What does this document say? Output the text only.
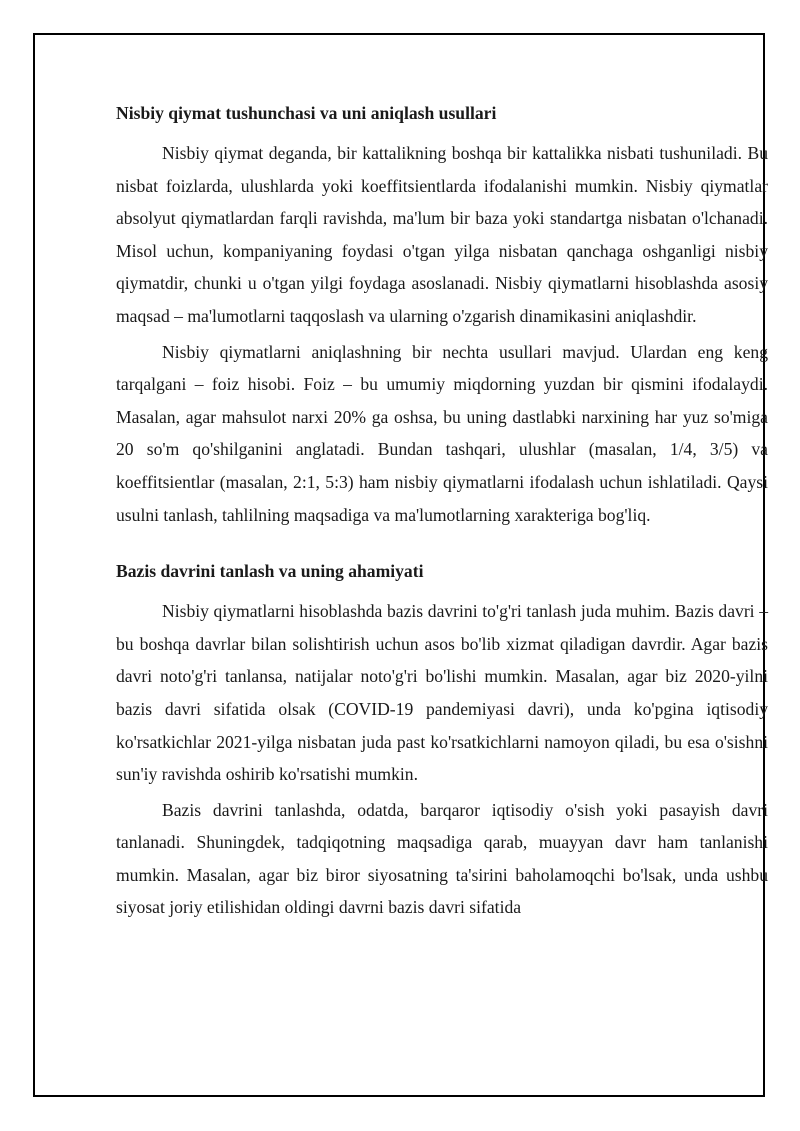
Nisbiy qiymat tushunchasi va uni aniqlash usullari

Nisbiy qiymat deganda, bir kattalikning boshqa bir kattalikka nisbati tushuniladi. Bu nisbat foizlarda, ulushlarda yoki koeffitsientlarda ifodalanishi mumkin. Nisbiy qiymatlar absolyut qiymatlardan farqli ravishda, ma'lum bir baza yoki standartga nisbatan o'lchanadi. Misol uchun, kompaniyaning foydasi o'tgan yilga nisbatan qanchaga oshganligi nisbiy qiymatdir, chunki u o'tgan yilgi foydaga asoslanadi. Nisbiy qiymatlarni hisoblashda asosiy maqsad – ma'lumotlarni taqqoslash va ularning o'zgarish dinamikasini aniqlashdir.

Nisbiy qiymatlarni aniqlashning bir nechta usullari mavjud. Ulardan eng keng tarqalgani – foiz hisobi. Foiz – bu umumiy miqdorning yuzdan bir qismini ifodalaydi. Masalan, agar mahsulot narxi 20% ga oshsa, bu uning dastlabki narxining har yuz so'miga 20 so'm qo'shilganini anglatadi. Bundan tashqari, ulushlar (masalan, 1/4, 3/5) va koeffitsientlar (masalan, 2:1, 5:3) ham nisbiy qiymatlarni ifodalash uchun ishlatiladi. Qaysi usulni tanlash, tahlilning maqsadiga va ma'lumotlarning xarakteriga bog'liq.

Bazis davrini tanlash va uning ahamiyati

Nisbiy qiymatlarni hisoblashda bazis davrini to'g'ri tanlash juda muhim. Bazis davri – bu boshqa davrlar bilan solishtirish uchun asos bo'lib xizmat qiladigan davrdir. Agar bazis davri noto'g'ri tanlansa, natijalar noto'g'ri bo'lishi mumkin. Masalan, agar biz 2020-yilni bazis davri sifatida olsak (COVID-19 pandemiyasi davri), unda ko'pgina iqtisodiy ko'rsatkichlar 2021-yilga nisbatan juda past ko'rsatkichlarni namoyon qiladi, bu esa o'sishni sun'iy ravishda oshirib ko'rsatishi mumkin.

Bazis davrini tanlashda, odatda, barqaror iqtisodiy o'sish yoki pasayish davri tanlanadi. Shuningdek, tadqiqotning maqsadiga qarab, muayyan davr ham tanlanishi mumkin. Masalan, agar biz biror siyosatning ta'sirini baholamoqchi bo'lsak, unda ushbu siyosat joriy etilishidan oldingi davrni bazis davri sifatida
